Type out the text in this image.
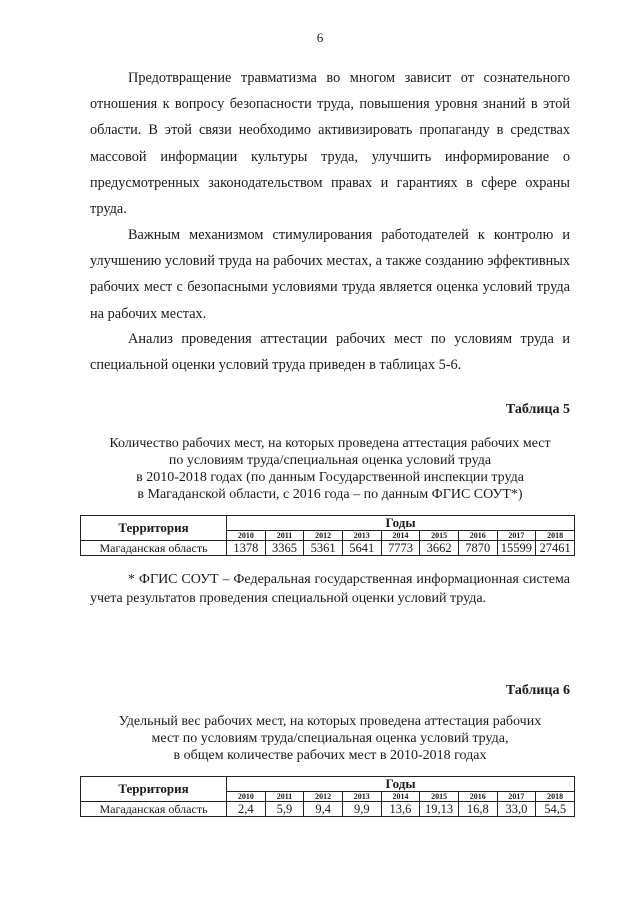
6

Предотвращение травматизма во многом зависит от сознательного отношения к вопросу безопасности труда, повышения уровня знаний в этой области. В этой связи необходимо активизировать пропаганду в средствах массовой информации культуры труда, улучшить информирование о предусмотренных законодательством правах и гарантиях в сфере охраны труда.

Важным механизмом стимулирования работодателей к контролю и улучшению условий труда на рабочих местах, а также созданию эффективных рабочих мест с безопасными условиями труда является оценка условий труда на рабочих местах.

Анализ проведения аттестации рабочих мест по условиям труда и специальной оценки условий труда приведен в таблицах 5-6.

Таблица 5
Количество рабочих мест, на которых проведена аттестация рабочих мест
по условиям труда/специальная оценка условий труда
в 2010-2018 годах (по данным Государственной инспекции труда
в Магаданской области, с 2016 года – по данным ФГИС СОУТ*)
Территория	Годы								
	2010	2011	2012	2013	2014	2015	2016	2017	2018
Магаданская область	1378	3365	5361	5641	7773	3662	7870	15599	27461

* ФГИС СОУТ – Федеральная государственная информационная система учета результатов проведения специальной оценки условий труда.

Таблица 6
Удельный вес рабочих мест, на которых проведена аттестация рабочих
мест по условиям труда/специальная оценка условий труда,
в общем количестве рабочих мест в 2010-2018 годах
Территория	Годы								
	2010	2011	2012	2013	2014	2015	2016	2017	2018
Магаданская область	2,4	5,9	9,4	9,9	13,6	19,13	16,8	33,0	54,5
